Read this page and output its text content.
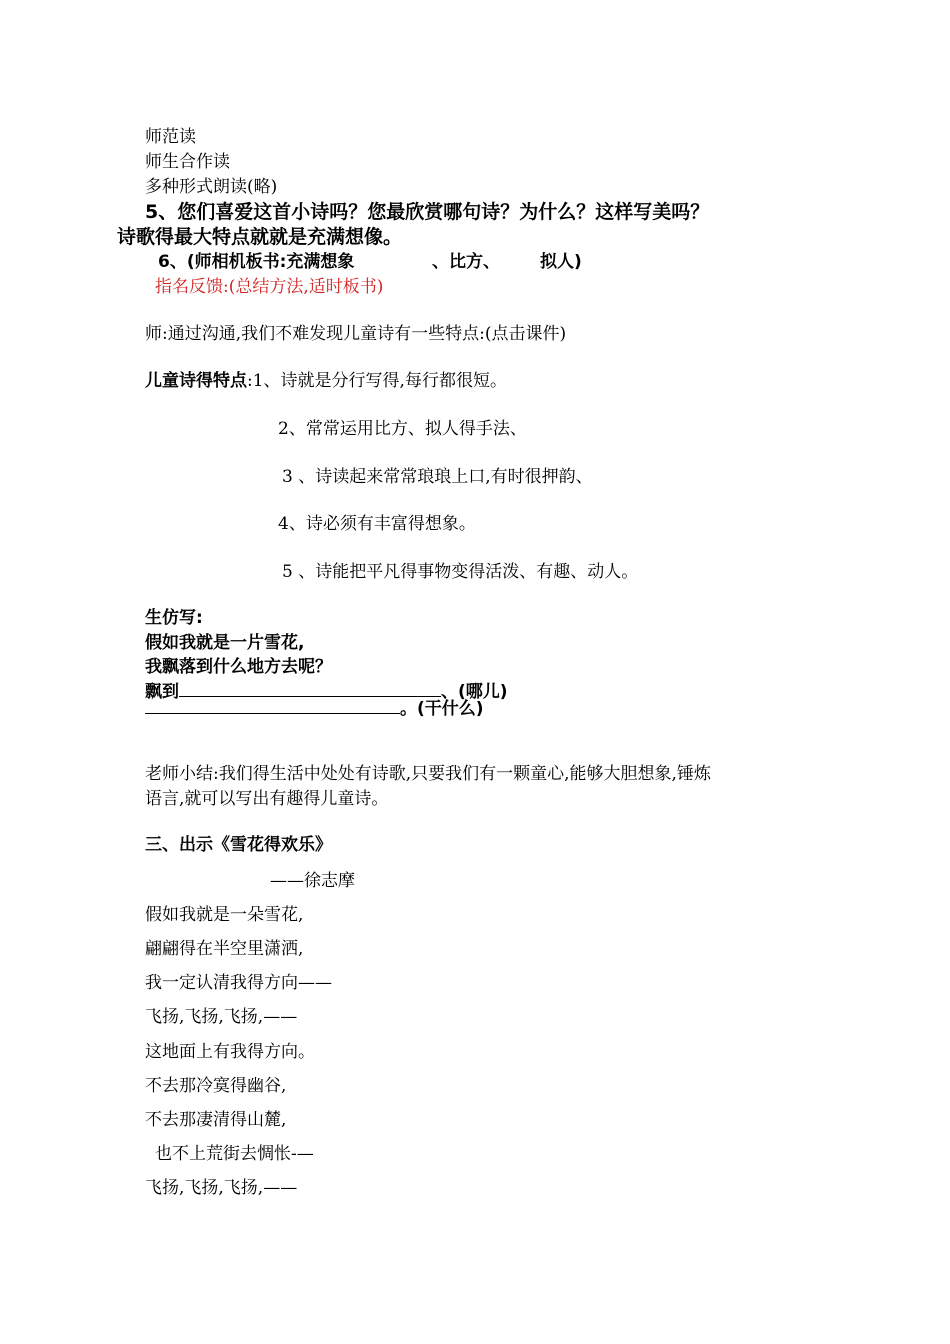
师范读
师生合作读
多种形式朗读(略)
5、您们喜爱这首小诗吗？您最欣赏哪句诗？为什么？这样写美吗？
诗歌得最大特点就就是充满想像。
6、(师相机板书:充满想象	、比方、 拟人)
指名反馈:(总结方法,适时板书)
师:通过沟通,我们不难发现儿童诗有一些特点:(点击课件)
儿童诗得特点:1、诗就是分行写得,每行都很短。
2、常常运用比方、拟人得手法、
3 、诗读起来常常琅琅上口,有时很押韵、
4、诗必须有丰富得想象。
5 、诗能把平凡得事物变得活泼、有趣、动人。
生仿写:
假如我就是一片雪花,
我飘落到什么地方去呢？
飘到	、(哪儿)
。(干什么)
老师小结:我们得生活中处处有诗歌,只要我们有一颗童心,能够大胆想象,锤炼
语言,就可以写出有趣得儿童诗。
三、出示《雪花得欢乐》
——徐志摩
假如我就是一朵雪花,
翩翩得在半空里潇洒,
我一定认清我得方向——
飞扬,飞扬,飞扬,——
这地面上有我得方向。
不去那冷寞得幽谷,
不去那凄清得山麓,
也不上荒街去惆怅-—
飞扬,飞扬,飞扬,——
